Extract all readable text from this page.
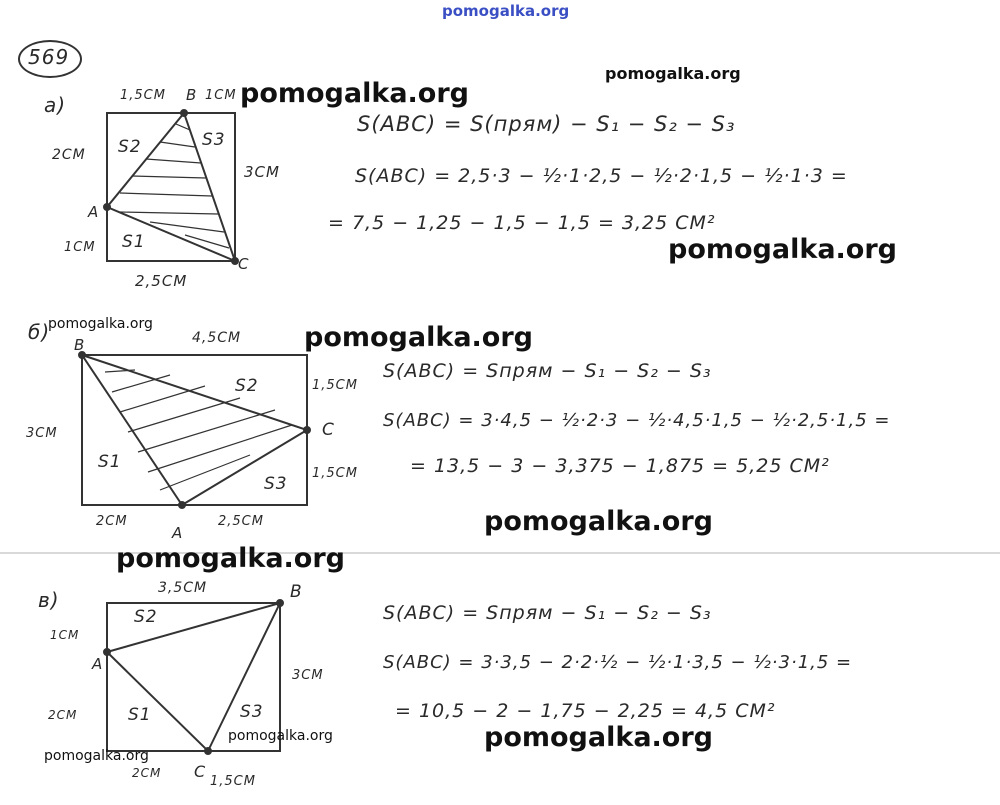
pomogalka.org
569
а)	1,5CM	1CM
B
2CM
A
1CM
3CM
C
2,5CM
S2	S3
S1
S(ABC) = S(прям) − S₁ − S₂ − S₃
S(ABC) = 2,5·3 − ½·1·2,5 − ½·2·1,5 − ½·1·3 =
= 7,5 − 1,25 − 1,5 − 1,5 = 3,25 CM²
б)
B	4,5CM
3CM
1,5CM
C
1,5CM
2CM
A
2,5CM
S2
S1
S3
S(ABC) = Sпрям − S₁ − S₂ − S₃
S(ABC) = 3·4,5 − ½·2·3 − ½·4,5·1,5 − ½·2,5·1,5 =
= 13,5 − 3 − 3,375 − 1,875 = 5,25 CM²
в)	3,5CM	B
1CM
A
3CM
2CM
2CM C
1,5CM
S2
S1	S3
S(ABC) = Sпрям − S₁ − S₂ − S₃
S(ABC) = 3·3,5 − 2·2·½ − ½·1·3,5 − ½·3·1,5 =
= 10,5 − 2 − 1,75 − 2,25 = 4,5 CM²
pomogalka.org
pomogalka.org
pomogalka.org
pomogalka.org	pomogalka.org
pomogalka.org
pomogalka.org
pomogalka.org	pomogalka.org
pomogalka.org
